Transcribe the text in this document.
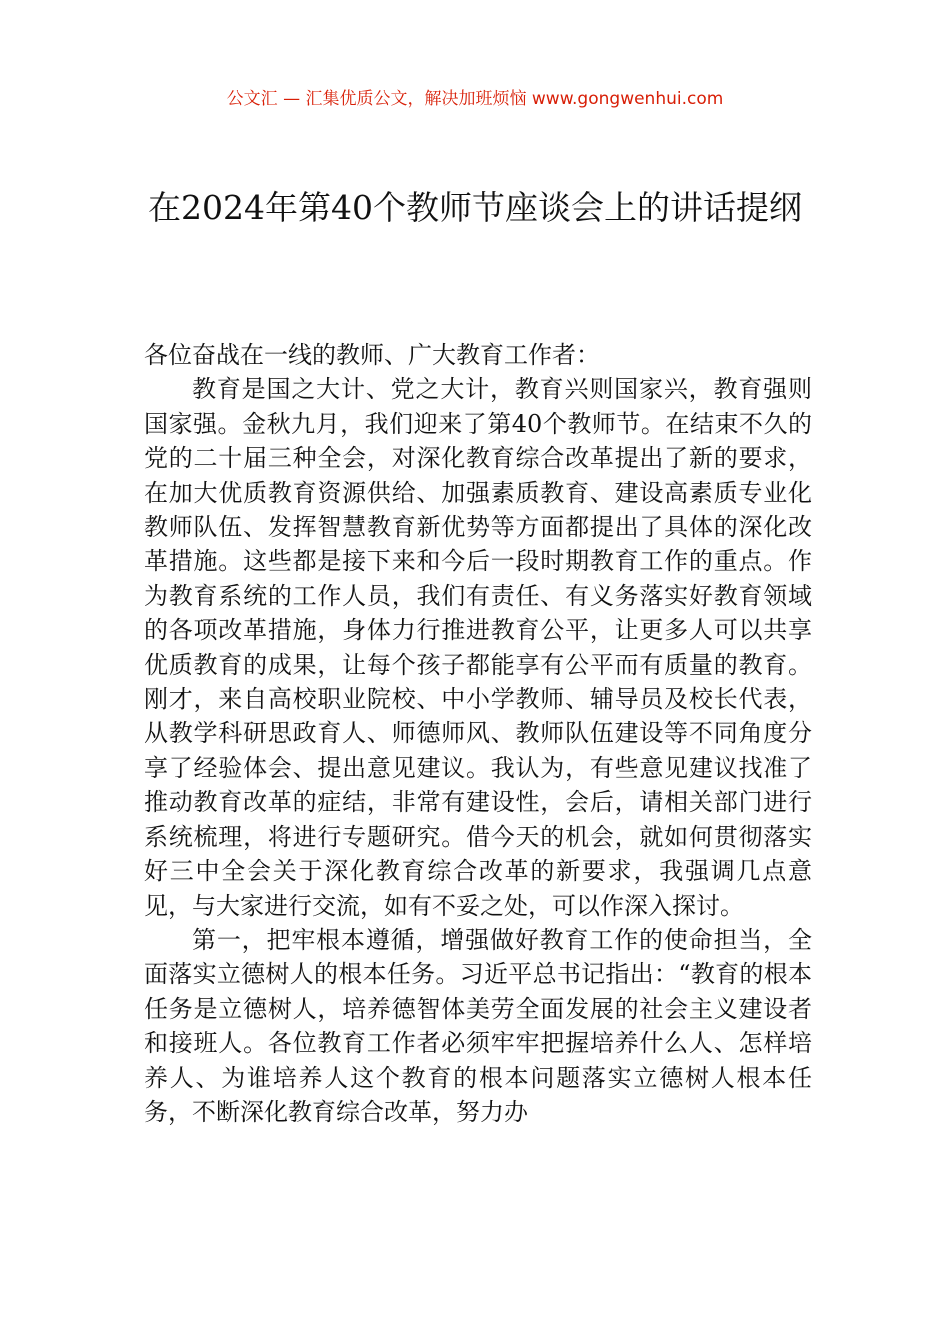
公文汇 — 汇集优质公文，解决加班烦恼 www.gongwenhui.com
在2024年第40个教师节座谈会上的讲话提纲

各位奋战在一线的教师、广大教育工作者：

教育是国之大计、党之大计，教育兴则国家兴，教育强则国家强。金秋九月，我们迎来了第40个教师节。在结束不久的党的二十届三种全会，对深化教育综合改革提出了新的要求，在加大优质教育资源供给、加强素质教育、建设高素质专业化教师队伍、发挥智慧教育新优势等方面都提出了具体的深化改革措施。这些都是接下来和今后一段时期教育工作的重点。作为教育系统的工作人员，我们有责任、有义务落实好教育领域的各项改革措施，身体力行推进教育公平，让更多人可以共享优质教育的成果，让每个孩子都能享有公平而有质量的教育。刚才，来自高校职业院校、中小学教师、辅导员及校长代表，从教学科研思政育人、师德师风、教师队伍建设等不同角度分享了经验体会、提出意见建议。我认为，有些意见建议找准了推动教育改革的症结，非常有建设性，会后，请相关部门进行系统梳理，将进行专题研究。借今天的机会，就如何贯彻落实好三中全会关于深化教育综合改革的新要求，我强调几点意见，与大家进行交流，如有不妥之处，可以作深入探讨。

第一，把牢根本遵循，增强做好教育工作的使命担当，全面落实立德树人的根本任务。习近平总书记指出：“教育的根本任务是立德树人，培养德智体美劳全面发展的社会主义建设者和接班人。各位教育工作者必须牢牢把握培养什么人、怎样培养人、为谁培养人这个教育的根本问题落实立德树人根本任务，不断深化教育综合改革，努力办
